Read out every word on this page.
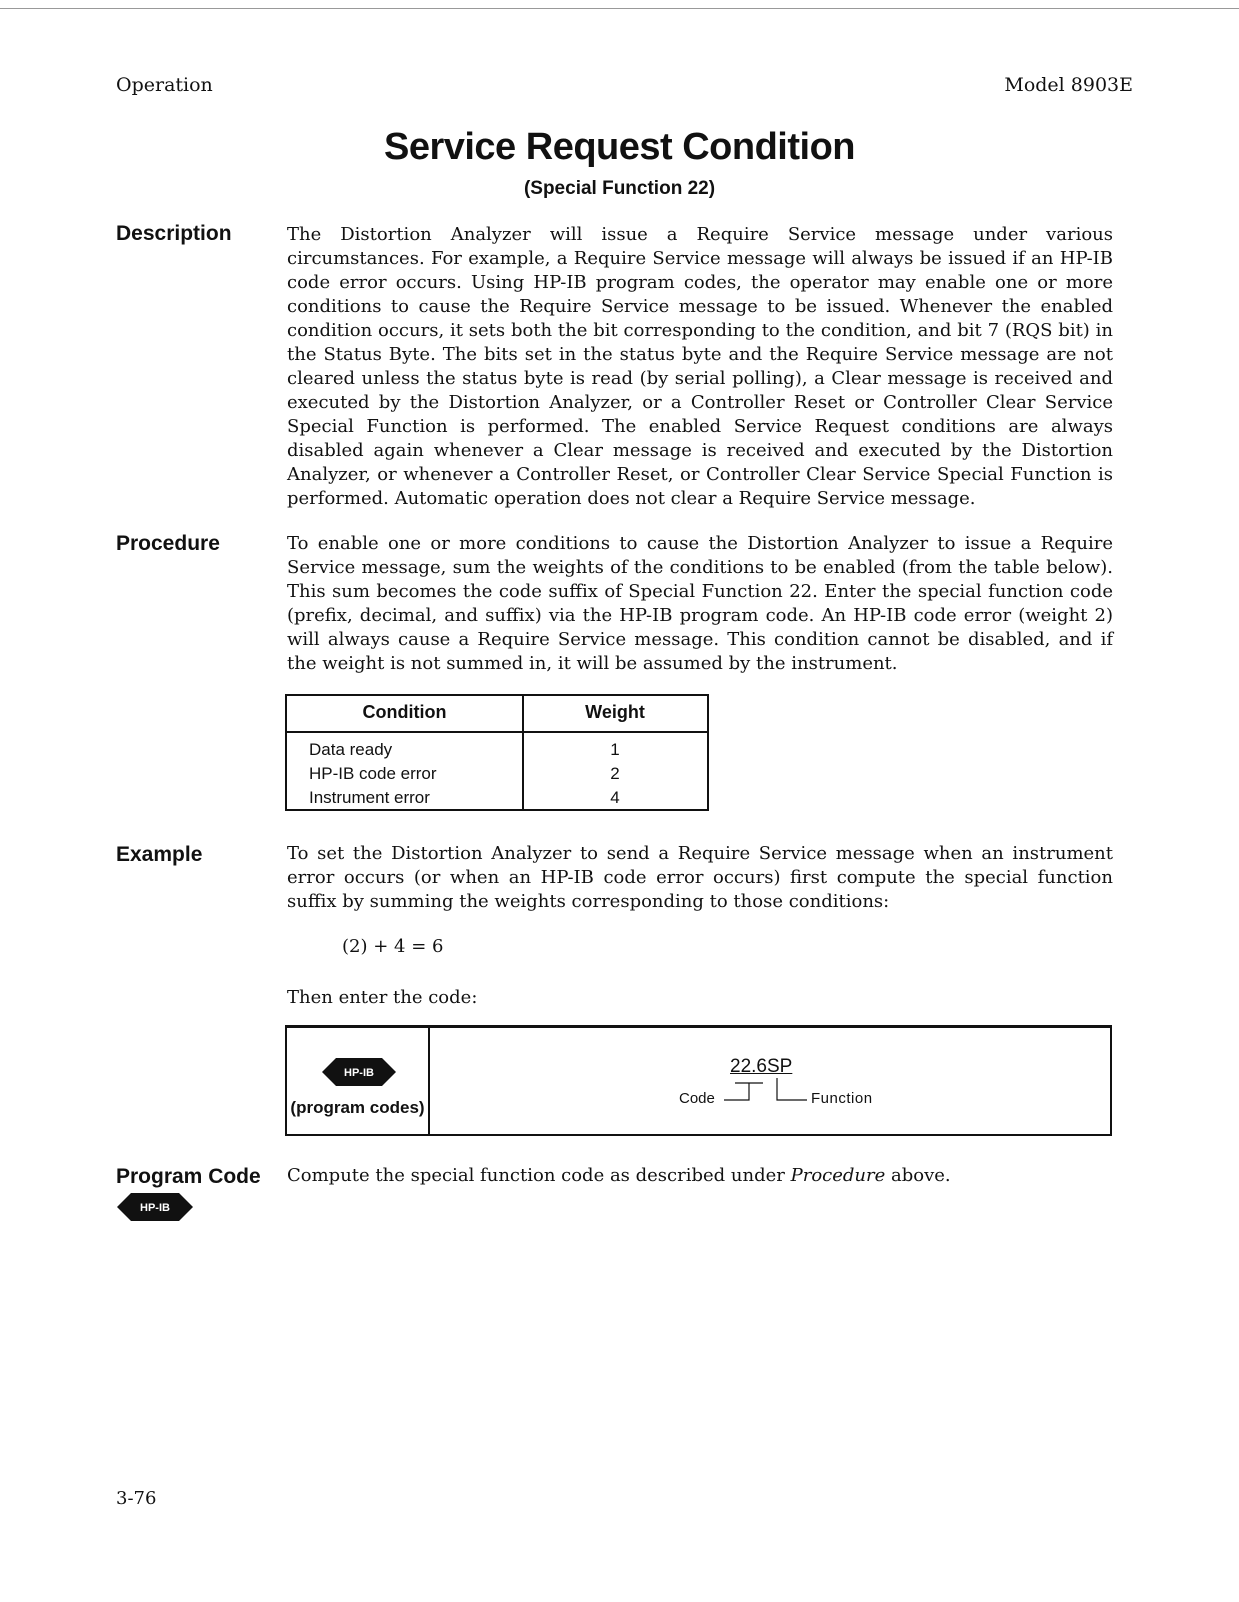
Operation	Model 8903E
Service Request Condition
(Special Function 22)
Description	The Distortion Analyzer will issue a Require Service message under various circumstances. For example, a Require Service message will always be issued if an HP-IB code error occurs. Using HP-IB program codes, the operator may enable one or more conditions to cause the Require Service message to be issued. Whenever the enabled condition occurs, it sets both the bit corresponding to the condition, and bit 7 (RQS bit) in the Status Byte. The bits set in the status byte and the Require Service message are not cleared unless the status byte is read (by serial polling), a Clear message is received and executed by the Distortion Analyzer, or a Controller Reset or Controller Clear Service Special Function is performed. The enabled Service Request conditions are always disabled again whenever a Clear message is received and executed by the Distortion Analyzer, or whenever a Controller Reset, or Controller Clear Service Special Function is performed. Automatic operation does not clear a Require Service message.
Procedure	To enable one or more conditions to cause the Distortion Analyzer to issue a Require Service message, sum the weights of the conditions to be enabled (from the table below). This sum becomes the code suffix of Special Function 22. Enter the special function code (prefix, decimal, and suffix) via the HP-IB program code. An HP-IB code error (weight 2) will always cause a Require Service message. This condition cannot be disabled, and if the weight is not summed in, it will be assumed by the instrument.
Condition	Weight
Data ready	1
HP-IB code error	2
Instrument error	4
Example	To set the Distortion Analyzer to send a Require Service message when an instrument error occurs (or when an HP-IB code error occurs) first compute the special function suffix by summing the weights corresponding to those conditions:
(2) + 4 = 6
Then enter the code:
HP-IB
(program codes)
22.6SP
Code	Function
Program Code
HP-IB
Compute the special function code as described under Procedure above.
3-76
